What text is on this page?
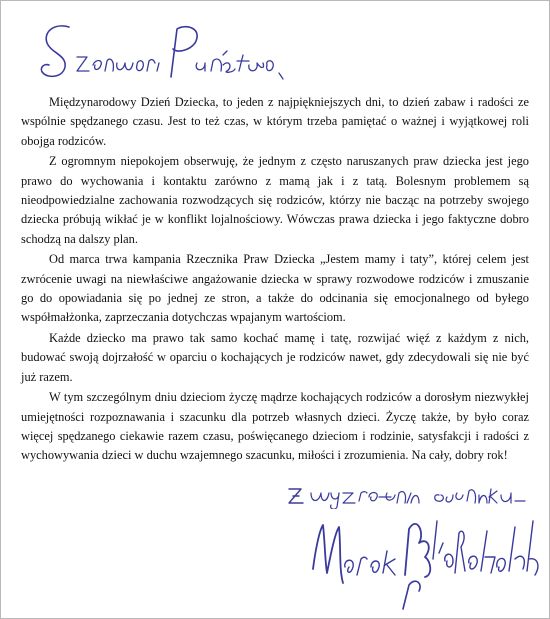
Międzynarodowy Dzień Dziecka, to jeden z najpiękniejszych dni, to dzień zabaw i radości ze wspólnie spędzanego czasu. Jest to też czas, w którym trzeba pamiętać o ważnej i wyjątkowej roli obojga rodziców.

Z ogromnym niepokojem obserwuję, że jednym z często naruszanych praw dziecka jest jego prawo do wychowania i kontaktu zarówno z mamą jak i z tatą. Bolesnym problemem są nieodpowiedzialne zachowania rozwodzących się rodziców, którzy nie bacząc na potrzeby swojego dziecka próbują wikłać je w konflikt lojalnościowy. Wówczas prawa dziecka i jego faktyczne dobro schodzą na dalszy plan.

Od marca trwa kampania Rzecznika Praw Dziecka „Jestem mamy i taty”, której celem jest zwrócenie uwagi na niewłaściwe angażowanie dziecka w sprawy rozwodowe rodziców i zmuszanie go do opowiadania się po jednej ze stron, a także do odcinania się emocjonalnego od byłego współmałżonka, zaprzeczania dotychczas wpajanym wartościom.

Każde dziecko ma prawo tak samo kochać mamę i tatę, rozwijać więź z każdym z nich, budować swoją dojrzałość w oparciu o kochających je rodziców nawet, gdy zdecydowali się nie być już razem.

W tym szczególnym dniu dzieciom życzę mądrze kochających rodziców a dorosłym niezwykłej umiejętności rozpoznawania i szacunku dla potrzeb własnych dzieci. Życzę także, by było coraz więcej spędzanego ciekawie razem czasu, poświęcanego dzieciom i rodzinie, satysfakcji i radości z wychowywania dzieci w duchu wzajemnego szacunku, miłości i zrozumienia. Na cały, dobry rok!
